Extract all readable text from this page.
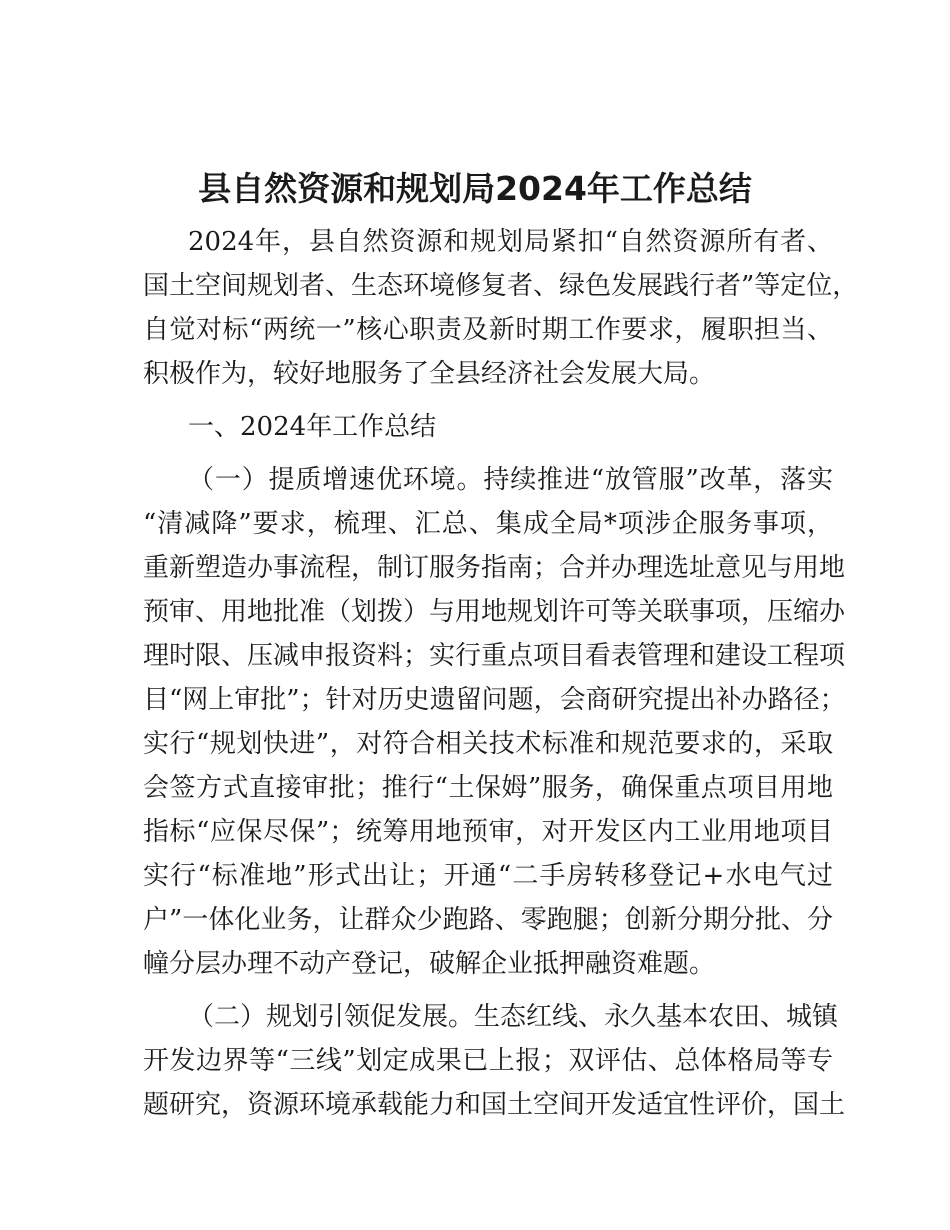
县自然资源和规划局2024年工作总结

2024年，县自然资源和规划局紧扣“自然资源所有者、

国土空间规划者、生态环境修复者、绿色发展践行者”等定位，

自觉对标“两统一”核心职责及新时期工作要求，履职担当、

积极作为，较好地服务了全县经济社会发展大局。

一、2024年工作总结

（一）提质增速优环境。持续推进“放管服”改革，落实

“清减降”要求，梳理、汇总、集成全局*项涉企服务事项，

重新塑造办事流程，制订服务指南；合并办理选址意见与用地

预审、用地批准（划拨）与用地规划许可等关联事项，压缩办

理时限、压减申报资料；实行重点项目看表管理和建设工程项

目“网上审批”；针对历史遗留问题，会商研究提出补办路径；

实行“规划快进”，对符合相关技术标准和规范要求的，采取

会签方式直接审批；推行“土保姆”服务，确保重点项目用地

指标“应保尽保”；统筹用地预审，对开发区内工业用地项目

实行“标准地”形式出让；开通“二手房转移登记+水电气过

户”一体化业务，让群众少跑路、零跑腿；创新分期分批、分

幢分层办理不动产登记，破解企业抵押融资难题。

（二）规划引领促发展。生态红线、永久基本农田、城镇

开发边界等“三线”划定成果已上报；双评估、总体格局等专

题研究，资源环境承载能力和国土空间开发适宜性评价，国土
